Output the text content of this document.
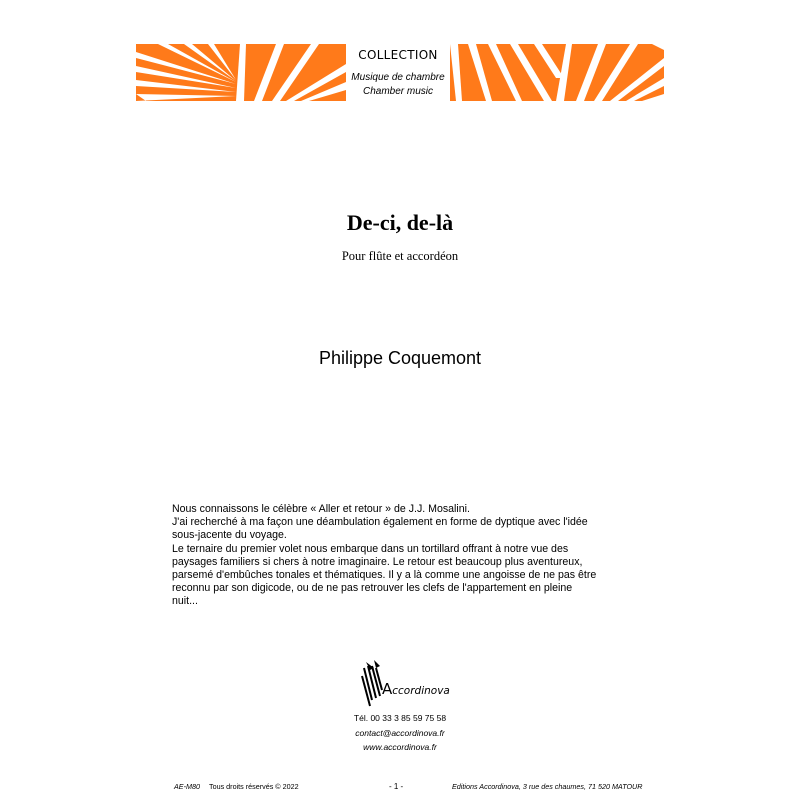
COLLECTION
Musique de chambre
Chamber music
De-ci, de-là
Pour flûte et accordéon
Philippe Coquemont
Nous connaissons le célèbre « Aller et retour » de J.J. Mosalini.
J'ai recherché à ma façon une déambulation également en forme de dyptique avec l'idée
sous-jacente du voyage.
Le ternaire du premier volet nous embarque dans un tortillard offrant à notre vue des
paysages familiers si chers à notre imaginaire. Le retour est beaucoup plus aventureux,
parsemé d'embûches tonales et thématiques. Il y a là comme une angoisse de ne pas être
reconnu par son digicode, ou de ne pas retrouver les clefs de l'appartement en pleine
nuit...
Accordinova
Tél. 00 33 3 85 59 75 58
contact@accordinova.fr
www.accordinova.fr
AE-M80 Tous droits réservés © 2022	- 1 -	Editions Accordinova, 3 rue des chaumes, 71 520 MATOUR
